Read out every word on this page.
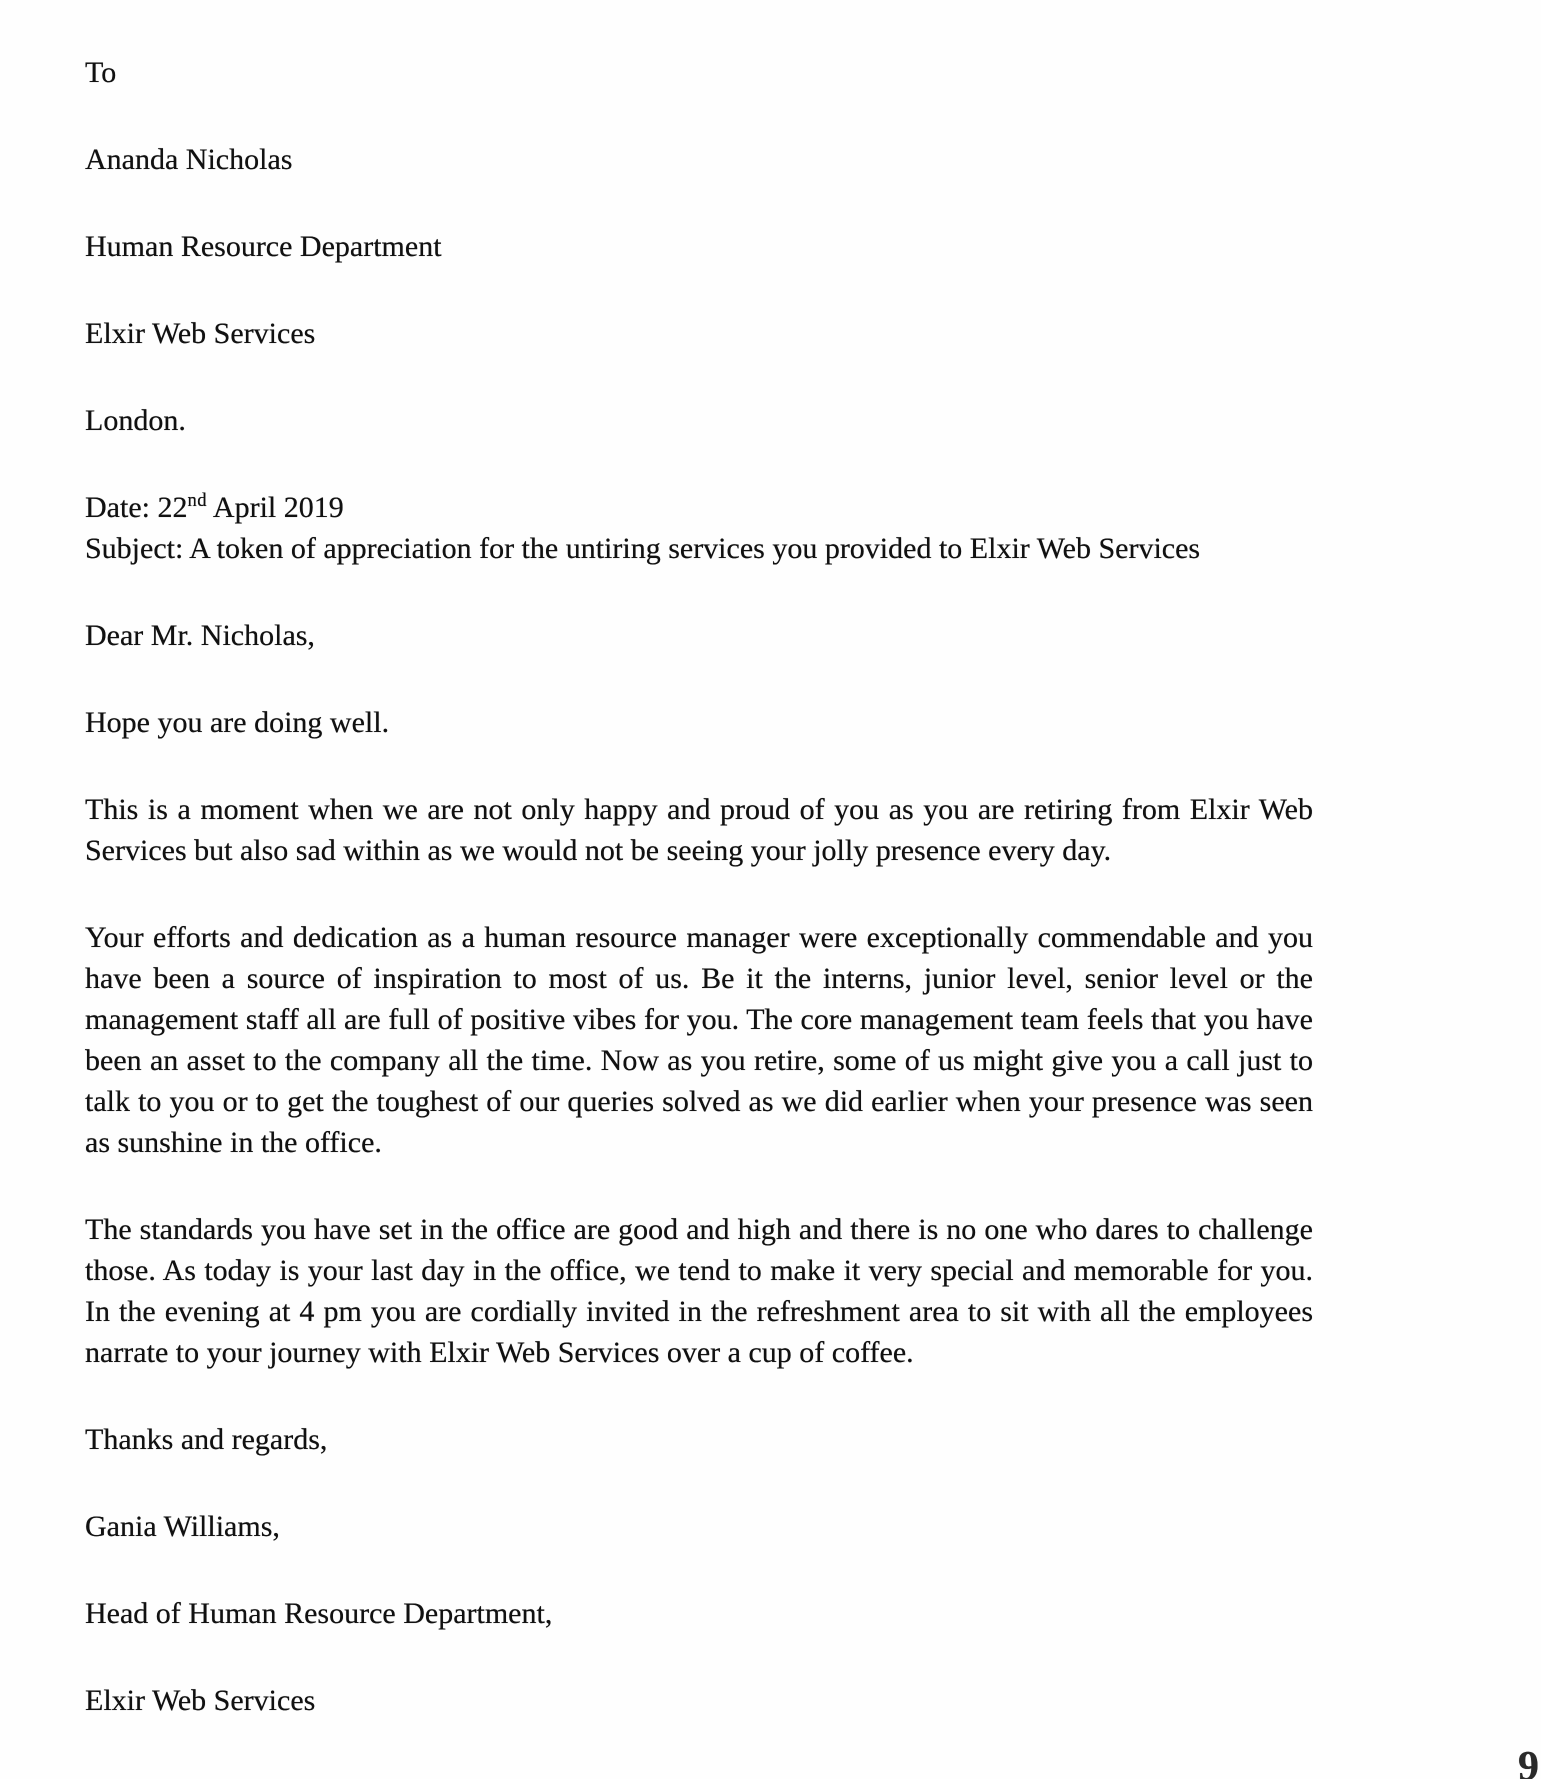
To

Ananda Nicholas

Human Resource Department

Elxir Web Services

London.

Date: 22nd April 2019

Subject: A token of appreciation for the untiring services you provided to Elxir Web Services

Dear Mr. Nicholas,

Hope you are doing well.

This is a moment when we are not only happy and proud of you as you are retiring from Elxir Web Services but also sad within as we would not be seeing your jolly presence every day.

Your efforts and dedication as a human resource manager were exceptionally commendable and you have been a source of inspiration to most of us. Be it the interns, junior level, senior level or the management staff all are full of positive vibes for you. The core management team feels that you have been an asset to the company all the time. Now as you retire, some of us might give you a call just to talk to you or to get the toughest of our queries solved as we did earlier when your presence was seen as sunshine in the office.

The standards you have set in the office are good and high and there is no one who dares to challenge those. As today is your last day in the office, we tend to make it very special and memorable for you. In the evening at 4 pm you are cordially invited in the refreshment area to sit with all the employees narrate to your journey with Elxir Web Services over a cup of coffee.

Thanks and regards,

Gania Williams,

Head of Human Resource Department,

Elxir Web Services

9
